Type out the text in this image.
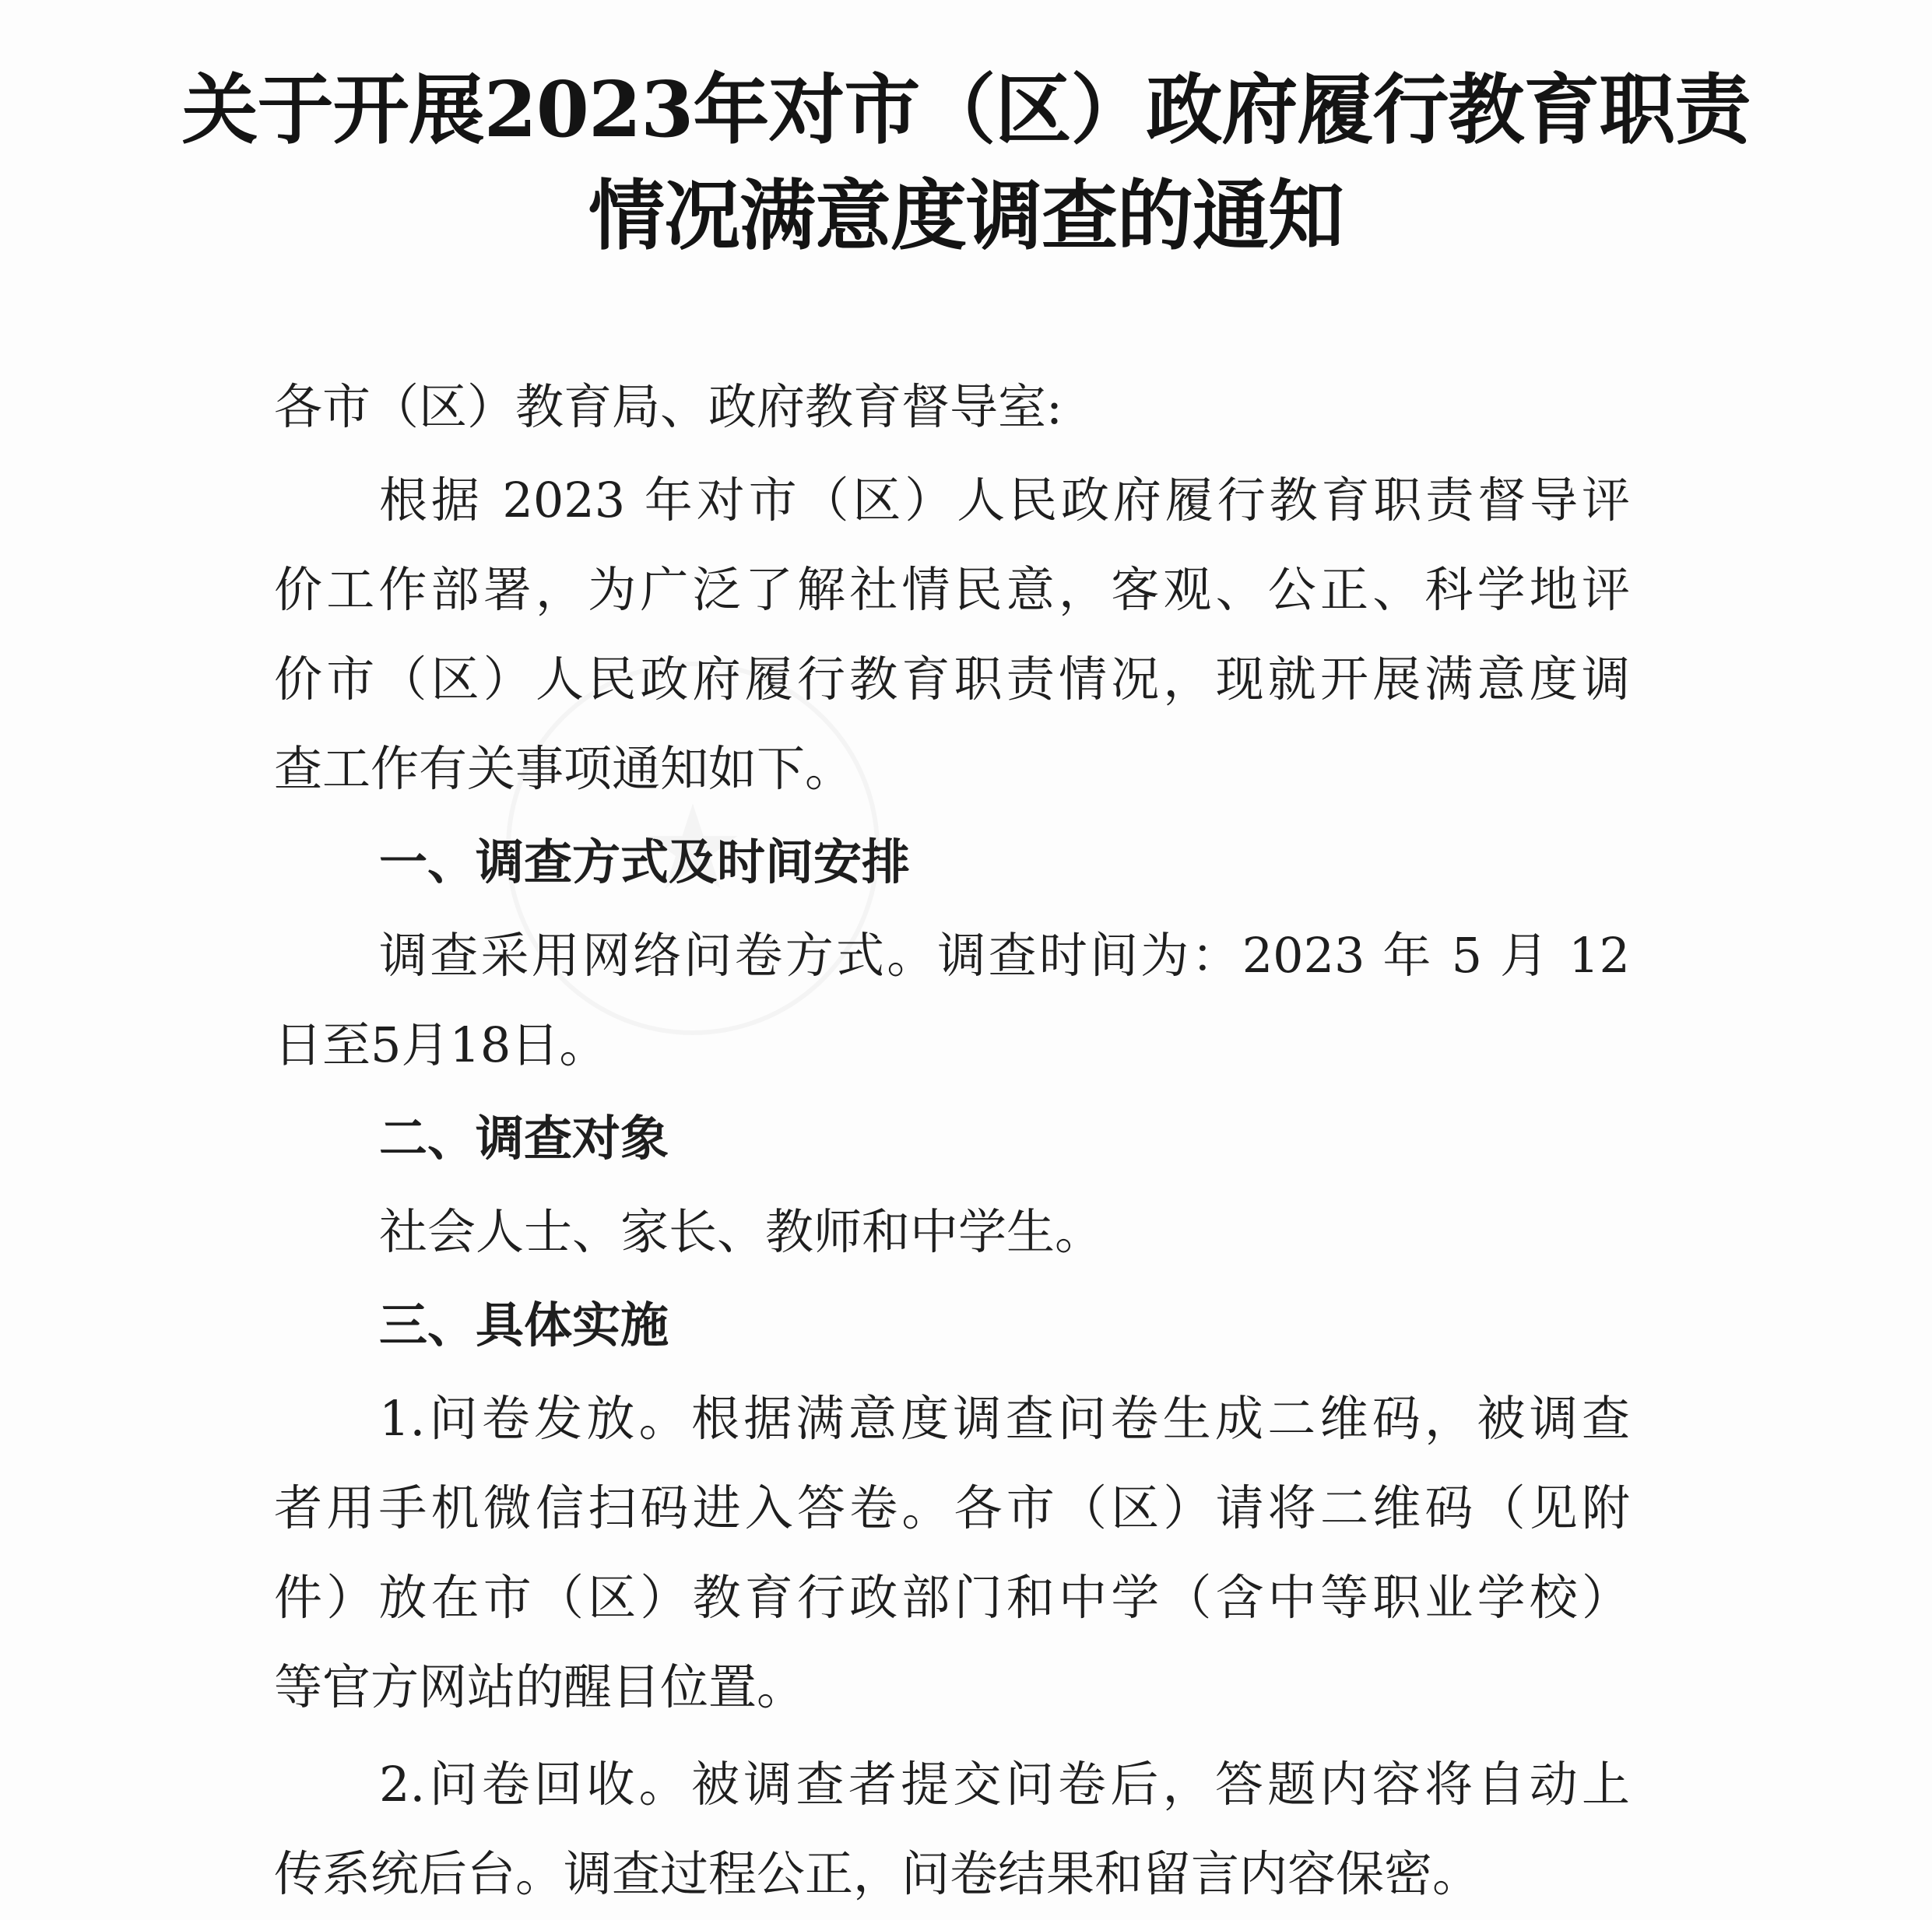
关于开展2023年对市（区）政府履行教育职责
情况满意度调查的通知
各市（区）教育局、政府教育督导室:
根据 2023 年对市（区）人民政府履行教育职责督导评
价工作部署，为广泛了解社情民意，客观、公正、科学地评
价市（区）人民政府履行教育职责情况，现就开展满意度调
查工作有关事项通知如下。
一、调查方式及时间安排
调查采用网络问卷方式。调查时间为：2023 年 5 月 12
日至5月18日。
二、调查对象
社会人士、家长、教师和中学生。
三、具体实施
1.问卷发放。根据满意度调查问卷生成二维码，被调查
者用手机微信扫码进入答卷。各市（区）请将二维码（见附
件）放在市（区）教育行政部门和中学（含中等职业学校）
等官方网站的醒目位置。
2.问卷回收。被调查者提交问卷后，答题内容将自动上
传系统后台。调查过程公正，问卷结果和留言内容保密。
